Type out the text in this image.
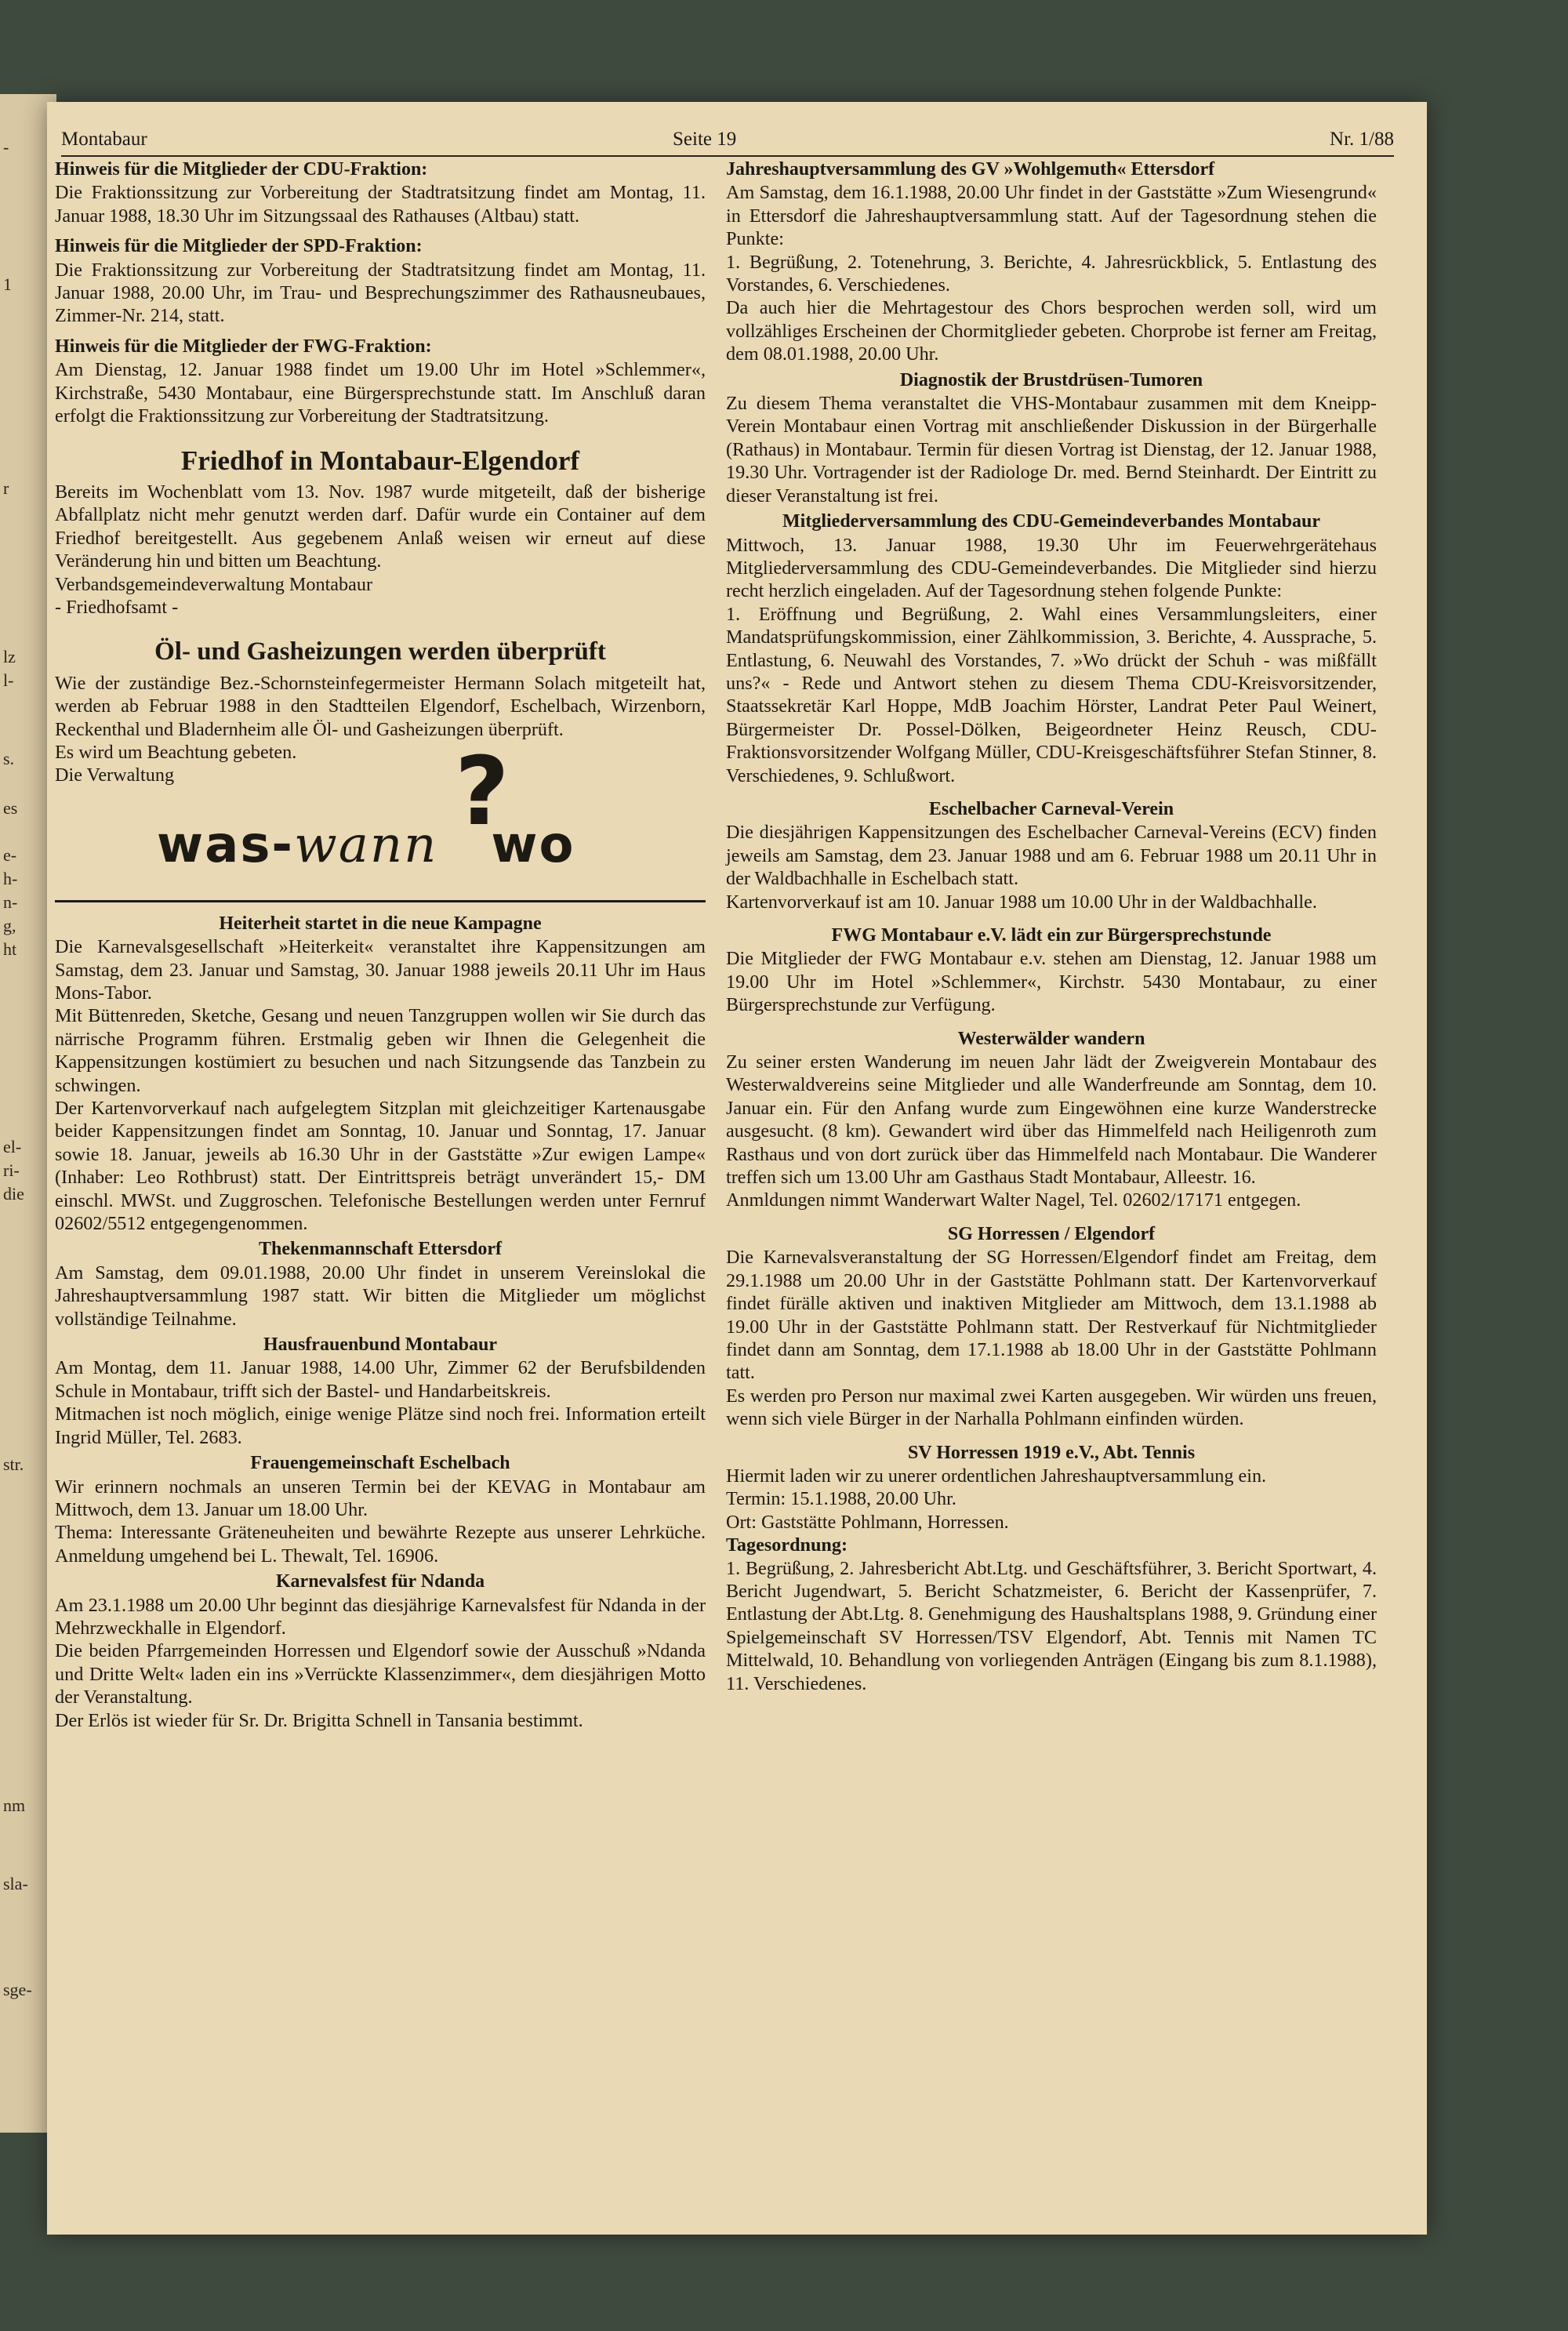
-
1
r
lz
l-
s.
es
e-
h-
n-
g,
ht
el-
ri-
die
str.
nm
sla-
sge-
Montabaur	Seite 19	Nr. 1/88
Hinweis für die Mitglieder der CDU-Fraktion:

Die Fraktionssitzung zur Vorbereitung der Stadtratsitzung findet am Montag, 11. Januar 1988, 18.30 Uhr im Sitzungssaal des Rathauses (Altbau) statt.

Hinweis für die Mitglieder der SPD-Fraktion:

Die Fraktionssitzung zur Vorbereitung der Stadtratsitzung findet am Montag, 11. Januar 1988, 20.00 Uhr, im Trau- und Besprechungszimmer des Rathausneubaues, Zimmer-Nr. 214, statt.

Hinweis für die Mitglieder der FWG-Fraktion:

Am Dienstag, 12. Januar 1988 findet um 19.00 Uhr im Hotel »Schlemmer«, Kirchstraße, 5430 Montabaur, eine Bürgersprechstunde statt. Im Anschluß daran erfolgt die Fraktionssitzung zur Vorbereitung der Stadtratsitzung.

Friedhof in Montabaur-Elgendorf

Bereits im Wochenblatt vom 13. Nov. 1987 wurde mitgeteilt, daß der bisherige Abfallplatz nicht mehr genutzt werden darf. Dafür wurde ein Container auf dem Friedhof bereitgestellt. Aus gegebenem Anlaß weisen wir erneut auf diese Veränderung hin und bitten um Beachtung.

Verbandsgemeindeverwaltung Montabaur

- Friedhofsamt -

Öl- und Gasheizungen werden überprüft

Wie der zuständige Bez.-Schornsteinfegermeister Hermann Solach mitgeteilt hat, werden ab Februar 1988 in den Stadtteilen Elgendorf, Eschelbach, Wirzenborn, Reckenthal und Bladernheim alle Öl- und Gasheizungen überprüft.

Es wird um Beachtung gebeten.

Die Verwaltung	?
was-wann wo
Heiterheit startet in die neue Kampagne

Die Karnevalsgesellschaft »Heiterkeit« veranstaltet ihre Kappensitzungen am Samstag, dem 23. Januar und Samstag, 30. Januar 1988 jeweils 20.11 Uhr im Haus Mons-Tabor.

Mit Büttenreden, Sketche, Gesang und neuen Tanzgruppen wollen wir Sie durch das närrische Programm führen. Erstmalig geben wir Ihnen die Gelegenheit die Kappensitzungen kostümiert zu besuchen und nach Sitzungsende das Tanzbein zu schwingen.

Der Kartenvorverkauf nach aufgelegtem Sitzplan mit gleichzeitiger Kartenausgabe beider Kappensitzungen findet am Sonntag, 10. Januar und Sonntag, 17. Januar sowie 18. Januar, jeweils ab 16.30 Uhr in der Gaststätte »Zur ewigen Lampe« (Inhaber: Leo Rothbrust) statt. Der Eintrittspreis beträgt unverändert 15,- DM einschl. MWSt. und Zuggroschen. Telefonische Bestellungen werden unter Fernruf 02602/5512 entgegengenommen.

Thekenmannschaft Ettersdorf

Am Samstag, dem 09.01.1988, 20.00 Uhr findet in unserem Vereinslokal die Jahreshauptversammlung 1987 statt. Wir bitten die Mitglieder um möglichst vollständige Teilnahme.

Hausfrauenbund Montabaur

Am Montag, dem 11. Januar 1988, 14.00 Uhr, Zimmer 62 der Berufsbildenden Schule in Montabaur, trifft sich der Bastel- und Handarbeitskreis.

Mitmachen ist noch möglich, einige wenige Plätze sind noch frei. Information erteilt Ingrid Müller, Tel. 2683.

Frauengemeinschaft Eschelbach

Wir erinnern nochmals an unseren Termin bei der KEVAG in Montabaur am Mittwoch, dem 13. Januar um 18.00 Uhr.

Thema: Interessante Gräteneuheiten und bewährte Rezepte aus unserer Lehrküche. Anmeldung umgehend bei L. Thewalt, Tel. 16906.

Karnevalsfest für Ndanda

Am 23.1.1988 um 20.00 Uhr beginnt das diesjährige Karnevalsfest für Ndanda in der Mehrzweckhalle in Elgendorf.

Die beiden Pfarrgemeinden Horressen und Elgendorf sowie der Ausschuß »Ndanda und Dritte Welt« laden ein ins »Verrückte Klassenzimmer«, dem diesjährigen Motto der Veranstaltung.

Der Erlös ist wieder für Sr. Dr. Brigitta Schnell in Tansania bestimmt.

Jahreshauptversammlung des GV »Wohlgemuth« Ettersdorf

Am Samstag, dem 16.1.1988, 20.00 Uhr findet in der Gaststätte »Zum Wiesengrund« in Ettersdorf die Jahreshauptversammlung statt. Auf der Tagesordnung stehen die Punkte:

1. Begrüßung, 2. Totenehrung, 3. Berichte, 4. Jahresrückblick, 5. Entlastung des Vorstandes, 6. Verschiedenes.

Da auch hier die Mehrtagestour des Chors besprochen werden soll, wird um vollzähliges Erscheinen der Chormitglieder gebeten. Chorprobe ist ferner am Freitag, dem 08.01.1988, 20.00 Uhr.

Diagnostik der Brustdrüsen-Tumoren

Zu diesem Thema veranstaltet die VHS-Montabaur zusammen mit dem Kneipp-Verein Montabaur einen Vortrag mit anschließender Diskussion in der Bürgerhalle (Rathaus) in Montabaur. Termin für diesen Vortrag ist Dienstag, der 12. Januar 1988, 19.30 Uhr. Vortragender ist der Radiologe Dr. med. Bernd Steinhardt. Der Eintritt zu dieser Veranstaltung ist frei.

Mitgliederversammlung des CDU-Gemeindeverbandes Montabaur

Mittwoch, 13. Januar 1988, 19.30 Uhr im Feuerwehrgerätehaus Mitgliederversammlung des CDU-Gemeindeverbandes. Die Mitglieder sind hierzu recht herzlich eingeladen. Auf der Tagesordnung stehen folgende Punkte:

1. Eröffnung und Begrüßung, 2. Wahl eines Versammlungsleiters, einer Mandatsprüfungskommission, einer Zählkommission, 3. Berichte, 4. Aussprache, 5. Entlastung, 6. Neuwahl des Vorstandes, 7. »Wo drückt der Schuh - was mißfällt uns?« - Rede und Antwort stehen zu diesem Thema CDU-Kreisvorsitzender, Staatssekretär Karl Hoppe, MdB Joachim Hörster, Landrat Peter Paul Weinert, Bürgermeister Dr. Possel-Dölken, Beigeordneter Heinz Reusch, CDU-Fraktionsvorsitzender Wolfgang Müller, CDU-Kreisgeschäftsführer Stefan Stinner, 8. Verschiedenes, 9. Schlußwort.

Eschelbacher Carneval-Verein

Die diesjährigen Kappensitzungen des Eschelbacher Carneval-Vereins (ECV) finden jeweils am Samstag, dem 23. Januar 1988 und am 6. Februar 1988 um 20.11 Uhr in der Waldbachhalle in Eschelbach statt.

Kartenvorverkauf ist am 10. Januar 1988 um 10.00 Uhr in der Waldbachhalle.

FWG Montabaur e.V. lädt ein zur Bürgersprechstunde

Die Mitglieder der FWG Montabaur e.v. stehen am Dienstag, 12. Januar 1988 um 19.00 Uhr im Hotel »Schlemmer«, Kirchstr. 5430 Montabaur, zu einer Bürgersprechstunde zur Verfügung.

Westerwälder wandern

Zu seiner ersten Wanderung im neuen Jahr lädt der Zweigverein Montabaur des Westerwaldvereins seine Mitglieder und alle Wanderfreunde am Sonntag, dem 10. Januar ein. Für den Anfang wurde zum Eingewöhnen eine kurze Wanderstrecke ausgesucht. (8 km). Gewandert wird über das Himmelfeld nach Heiligenroth zum Rasthaus und von dort zurück über das Himmelfeld nach Montabaur. Die Wanderer treffen sich um 13.00 Uhr am Gasthaus Stadt Montabaur, Alleestr. 16.

Anmldungen nimmt Wanderwart Walter Nagel, Tel. 02602/17171 entgegen.

SG Horressen / Elgendorf

Die Karnevalsveranstaltung der SG Horressen/Elgendorf findet am Freitag, dem 29.1.1988 um 20.00 Uhr in der Gaststätte Pohlmann statt. Der Kartenvorverkauf findet fürälle aktiven und inaktiven Mitglieder am Mittwoch, dem 13.1.1988 ab 19.00 Uhr in der Gaststätte Pohlmann statt. Der Restverkauf für Nichtmitglieder findet dann am Sonntag, dem 17.1.1988 ab 18.00 Uhr in der Gaststätte Pohlmann tatt.

Es werden pro Person nur maximal zwei Karten ausgegeben. Wir würden uns freuen, wenn sich viele Bürger in der Narhalla Pohlmann einfinden würden.

SV Horressen 1919 e.V., Abt. Tennis

Hiermit laden wir zu unerer ordentlichen Jahreshauptversammlung ein.

Termin: 15.1.1988, 20.00 Uhr.

Ort: Gaststätte Pohlmann, Horressen.

Tagesordnung:

1. Begrüßung, 2. Jahresbericht Abt.Ltg. und Geschäftsführer, 3. Bericht Sportwart, 4. Bericht Jugendwart, 5. Bericht Schatzmeister, 6. Bericht der Kassenprüfer, 7. Entlastung der Abt.Ltg. 8. Genehmigung des Haushaltsplans 1988, 9. Gründung einer Spielgemeinschaft SV Horressen/TSV Elgendorf, Abt. Tennis mit Namen TC Mittelwald, 10. Behandlung von vorliegenden Anträgen (Eingang bis zum 8.1.1988), 11. Verschiedenes.
